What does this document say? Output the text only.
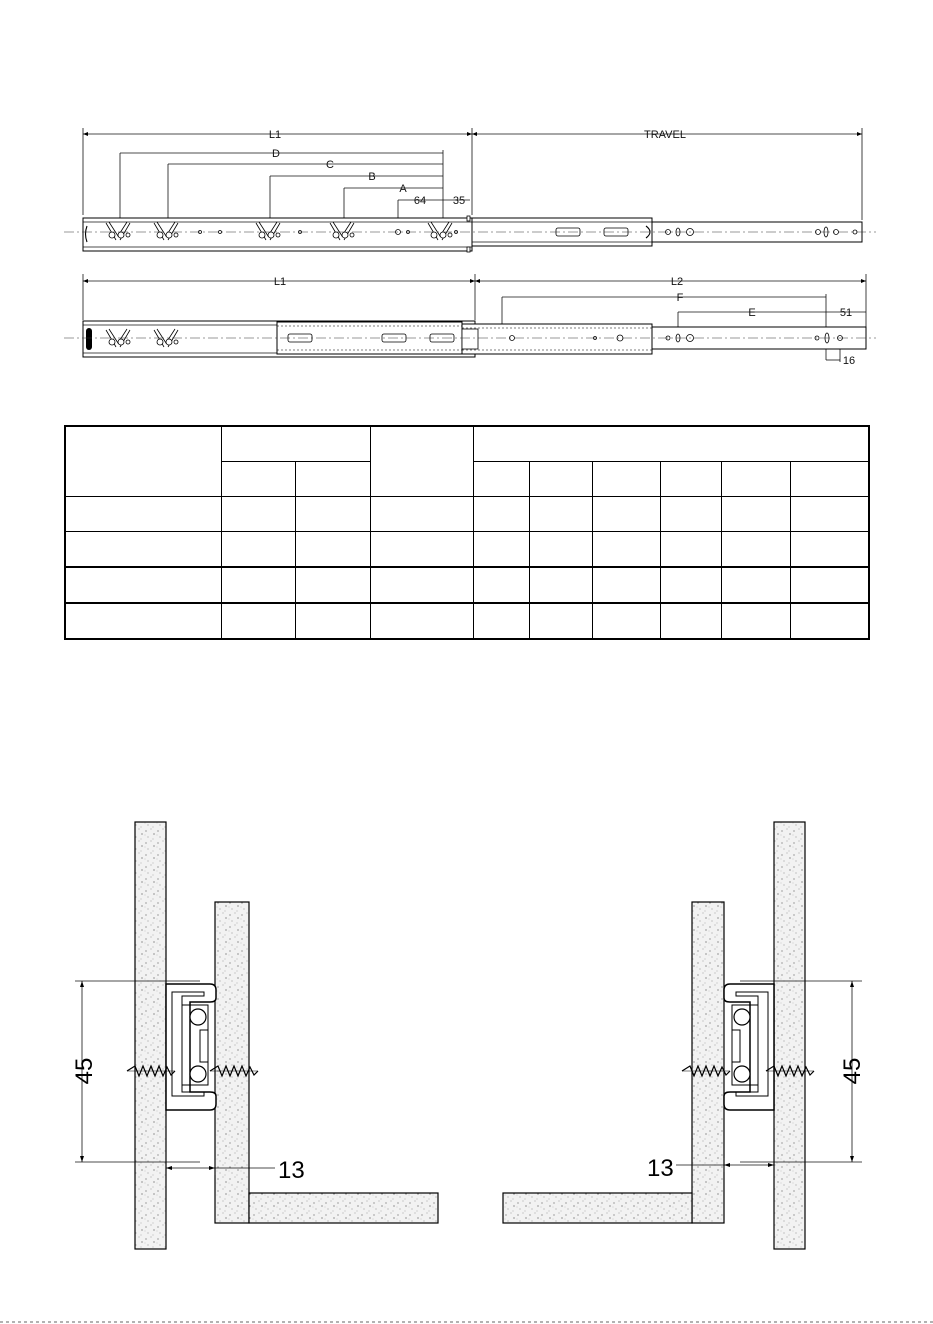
L1	TRAVEL
D
C
B
A
64 35
L1	L2
F
E	51
16
45
13
45
13
